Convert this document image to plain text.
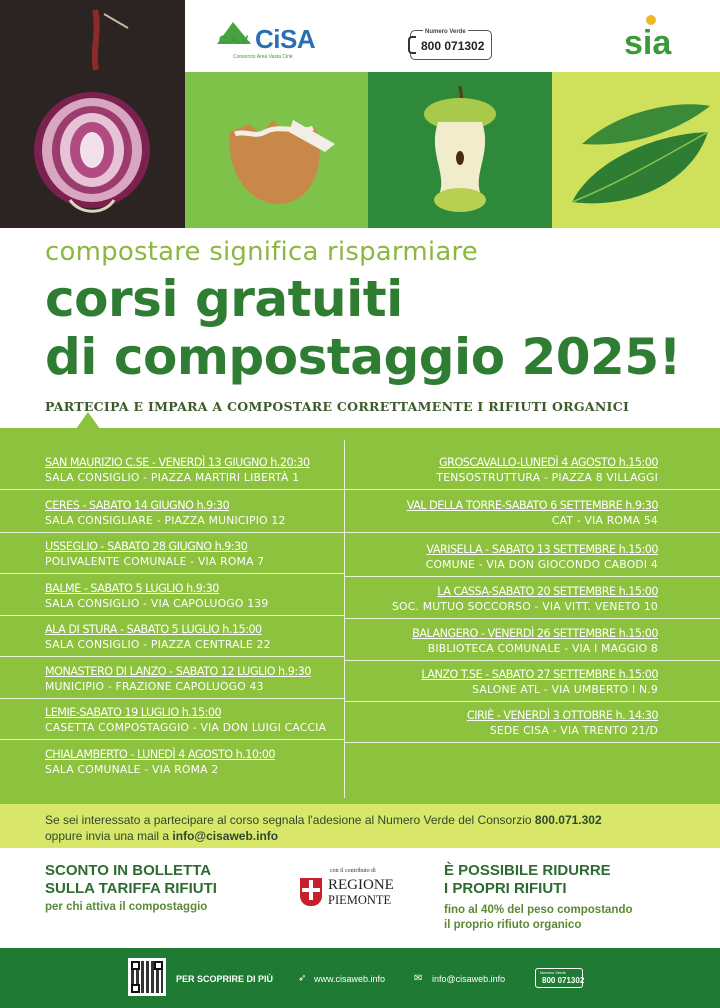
C.A.V. CiSA
Consorzio Area Vasta Ciriè
Numero Verde
800 071302	sia
compostare significa risparmiare
corsi gratuiti
di compostaggio 2025!
PARTECIPA E IMPARA A COMPOSTARE CORRETTAMENTE I RIFIUTI ORGANICI
SAN MAURIZIO C.SE - VENERDÌ 13 GIUGNO h.20:30
SALA CONSIGLIO - PIAZZA MARTIRI LIBERTÀ 1
CERES - SABATO 14 GIUGNO h.9:30
SALA CONSIGLIARE - PIAZZA MUNICIPIO 12
USSEGLIO - SABATO 28 GIUGNO h.9:30
POLIVALENTE COMUNALE - VIA ROMA 7
BALME - SABATO 5 LUGLIO h.9:30
SALA CONSIGLIO - VIA CAPOLUOGO 139
ALA DI STURA - SABATO 5 LUGLIO h.15:00
SALA CONSIGLIO - PIAZZA CENTRALE 22
MONASTERO DI LANZO - SABATO 12 LUGLIO h.9:30
MUNICIPIO - FRAZIONE CAPOLUOGO 43
LEMIE-SABATO 19 LUGLIO h.15:00
CASETTA COMPOSTAGGIO - VIA DON LUIGI CACCIA
CHIALAMBERTO - LUNEDÌ 4 AGOSTO h.10:00
SALA COMUNALE - VIA ROMA 2
GROSCAVALLO-LUNEDÌ 4 AGOSTO h.15:00
TENSOSTRUTTURA - PIAZZA 8 VILLAGGI
VAL DELLA TORRE-SABATO 6 SETTEMBRE h.9:30
CAT - VIA ROMA 54
VARISELLA - SABATO 13 SETTEMBRE h.15:00
COMUNE - VIA DON GIOCONDO CABODI 4
LA CASSA-SABATO 20 SETTEMBRE h.15:00
SOC. MUTUO SOCCORSO - VIA VITT. VENETO 10
BALANGERO - VENERDÌ 26 SETTEMBRE h.15:00
BIBLIOTECA COMUNALE - VIA I MAGGIO 8
LANZO T.SE - SABATO 27 SETTEMBRE h.15:00
SALONE ATL - VIA UMBERTO I N.9
CIRIÈ - VENERDÌ 3 OTTOBRE h. 14:30
SEDE CISA - VIA TRENTO 21/D
Se sei interessato a partecipare al corso segnala l'adesione al Numero Verde del Consorzio 800.071.302
oppure invia una mail a info@cisaweb.info
SCONTO IN BOLLETTA
SULLA TARIFFA RIFIUTI
per chi attiva il compostaggio
con il contributo di
REGIONE
PIEMONTE
È POSSIBILE RIDURRE
I PROPRI RIFIUTI
fino al 40% del peso compostando
il proprio rifiuto organico
PER SCOPRIRE DI PIÙ ➶ www.cisaweb.info	✉ info@cisaweb.info
Numero Verde
800 071302
